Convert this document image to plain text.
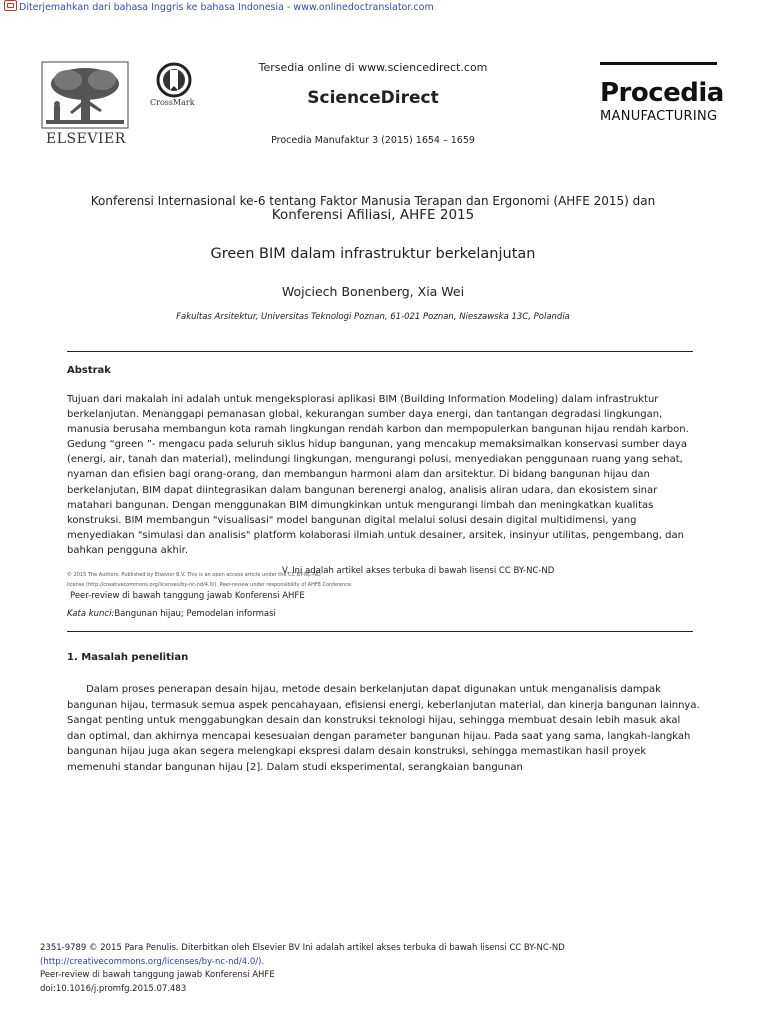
Diterjemahkan dari bahasa Inggris ke bahasa Indonesia - www.onlinedoctranslator.com
ELSEVIER
CrossMark
Tersedia online di www.sciencedirect.com
ScienceDirect
Procedia Manufaktur 3 (2015) 1654 – 1659
Procedia
MANUFACTURING
Konferensi Internasional ke-6 tentang Faktor Manusia Terapan dan Ergonomi (AHFE 2015) dan
Konferensi Afiliasi, AHFE 2015
Green BIM dalam infrastruktur berkelanjutan
Wojciech Bonenberg, Xia Wei
Fakultas Arsitektur, Universitas Teknologi Poznan, 61-021 Poznan, Nieszawska 13C, Polandia
Abstrak
Tujuan dari makalah ini adalah untuk mengeksplorasi aplikasi BIM (Building Information Modeling) dalam infrastruktur
berkelanjutan. Menanggapi pemanasan global, kekurangan sumber daya energi, dan tantangan degradasi lingkungan,
manusia berusaha membangun kota ramah lingkungan rendah karbon dan mempopulerkan bangunan hijau rendah karbon.
Gedung “green ”- mengacu pada seluruh siklus hidup bangunan, yang mencakup memaksimalkan konservasi sumber daya
(energi, air, tanah dan material), melindungi lingkungan, mengurangi polusi, menyediakan penggunaan ruang yang sehat,
nyaman dan efisien bagi orang-orang, dan membangun harmoni alam dan arsitektur. Di bidang bangunan hijau dan
berkelanjutan, BIM dapat diintegrasikan dalam bangunan berenergi analog, analisis aliran udara, dan ekosistem sinar
matahari bangunan. Dengan menggunakan BIM dimungkinkan untuk mengurangi limbah dan meningkatkan kualitas
konstruksi. BIM membangun "visualisasi" model bangunan digital melalui solusi desain digital multidimensi, yang
menyediakan "simulasi dan analisis" platform kolaborasi ilmiah untuk desainer, arsitek, insinyur utilitas, pengembang, dan
bahkan pengguna akhir.
© 2015 The Authors. Published by Elsevier B.V. This is an open access article under the CC BY-NC-ND
license (http://creativecommons.org/licenses/by-nc-nd/4.0/). Peer-review under responsibility of AHFE Conference.
V. Ini adalah artikel akses terbuka di bawah lisensi CC BY-NC-ND
Peer-review di bawah tanggung jawab Konferensi AHFE
Kata kunci:Bangunan hijau; Pemodelan informasi
1. Masalah penelitian
Dalam proses penerapan desain hijau, metode desain berkelanjutan dapat digunakan untuk menganalisis dampak
bangunan hijau, termasuk semua aspek pencahayaan, efisiensi energi, keberlanjutan material, dan kinerja bangunan lainnya.
Sangat penting untuk menggabungkan desain dan konstruksi teknologi hijau, sehingga membuat desain lebih masuk akal
dan optimal, dan akhirnya mencapai kesesuaian dengan parameter bangunan hijau. Pada saat yang sama, langkah-langkah
bangunan hijau juga akan segera melengkapi ekspresi dalam desain konstruksi, sehingga memastikan hasil proyek
memenuhi standar bangunan hijau [2]. Dalam studi eksperimental, serangkaian bangunan
2351-9789 © 2015 Para Penulis. Diterbitkan oleh Elsevier BV Ini adalah artikel akses terbuka di bawah lisensi CC BY-NC-ND
(http://creativecommons.org/licenses/by-nc-nd/4.0/).
Peer-review di bawah tanggung jawab Konferensi AHFE
doi:10.1016/j.promfg.2015.07.483
